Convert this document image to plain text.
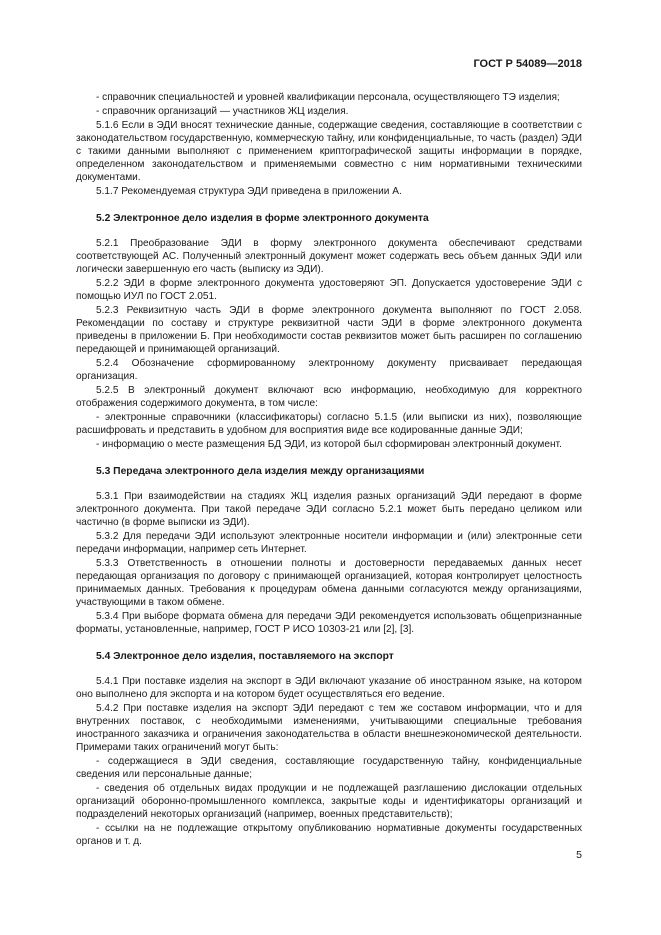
ГОСТ Р 54089—2018

- справочник специальностей и уровней квалификации персонала, осуществляющего ТЭ изделия;

- справочник организаций — участников ЖЦ изделия.

5.1.6 Если в ЭДИ вносят технические данные, содержащие сведения, составляющие в соответствии с законодательством государственную, коммерческую тайну, или конфиденциальные, то часть (раздел) ЭДИ с такими данными выполняют с применением криптографической защиты информации в порядке, определенном законодательством и применяемыми совместно с ним нормативными техническими документами.

5.1.7 Рекомендуемая структура ЭДИ приведена в приложении А.

5.2 Электронное дело изделия в форме электронного документа

5.2.1 Преобразование ЭДИ в форму электронного документа обеспечивают средствами соответствующей АС. Полученный электронный документ может содержать весь объем данных ЭДИ или логически завершенную его часть (выписку из ЭДИ).

5.2.2 ЭДИ в форме электронного документа удостоверяют ЭП. Допускается удостоверение ЭДИ с помощью ИУЛ по ГОСТ 2.051.

5.2.3 Реквизитную часть ЭДИ в форме электронного документа выполняют по ГОСТ 2.058. Рекомендации по составу и структуре реквизитной части ЭДИ в форме электронного документа приведены в приложении Б. При необходимости состав реквизитов может быть расширен по соглашению передающей и принимающей организаций.

5.2.4 Обозначение сформированному электронному документу присваивает передающая организация.

5.2.5 В электронный документ включают всю информацию, необходимую для корректного отображения содержимого документа, в том числе:

- электронные справочники (классификаторы) согласно 5.1.5 (или выписки из них), позволяющие расшифровать и представить в удобном для восприятия виде все кодированные данные ЭДИ;

- информацию о месте размещения БД ЭДИ, из которой был сформирован электронный документ.

5.3 Передача электронного дела изделия между организациями

5.3.1 При взаимодействии на стадиях ЖЦ изделия разных организаций ЭДИ передают в форме электронного документа. При такой передаче ЭДИ согласно 5.2.1 может быть передано целиком или частично (в форме выписки из ЭДИ).

5.3.2 Для передачи ЭДИ используют электронные носители информации и (или) электронные сети передачи информации, например сеть Интернет.

5.3.3 Ответственность в отношении полноты и достоверности передаваемых данных несет передающая организация по договору с принимающей организацией, которая контролирует целостность принимаемых данных. Требования к процедурам обмена данными согласуются между организациями, участвующими в таком обмене.

5.3.4 При выборе формата обмена для передачи ЭДИ рекомендуется использовать общепризнанные форматы, установленные, например, ГОСТ Р ИСО 10303-21 или [2], [3].

5.4 Электронное дело изделия, поставляемого на экспорт

5.4.1 При поставке изделия на экспорт в ЭДИ включают указание об иностранном языке, на котором оно выполнено для экспорта и на котором будет осуществляться его ведение.

5.4.2 При поставке изделия на экспорт ЭДИ передают с тем же составом информации, что и для внутренних поставок, с необходимыми изменениями, учитывающими специальные требования иностранного заказчика и ограничения законодательства в области внешнеэкономической деятельности. Примерами таких ограничений могут быть:

- содержащиеся в ЭДИ сведения, составляющие государственную тайну, конфиденциальные сведения или персональные данные;

- сведения об отдельных видах продукции и не подлежащей разглашению дислокации отдельных организаций оборонно-промышленного комплекса, закрытые коды и идентификаторы организаций и подразделений некоторых организаций (например, военных представительств);

- ссылки на не подлежащие открытому опубликованию нормативные документы государственных органов и т. д.

5
